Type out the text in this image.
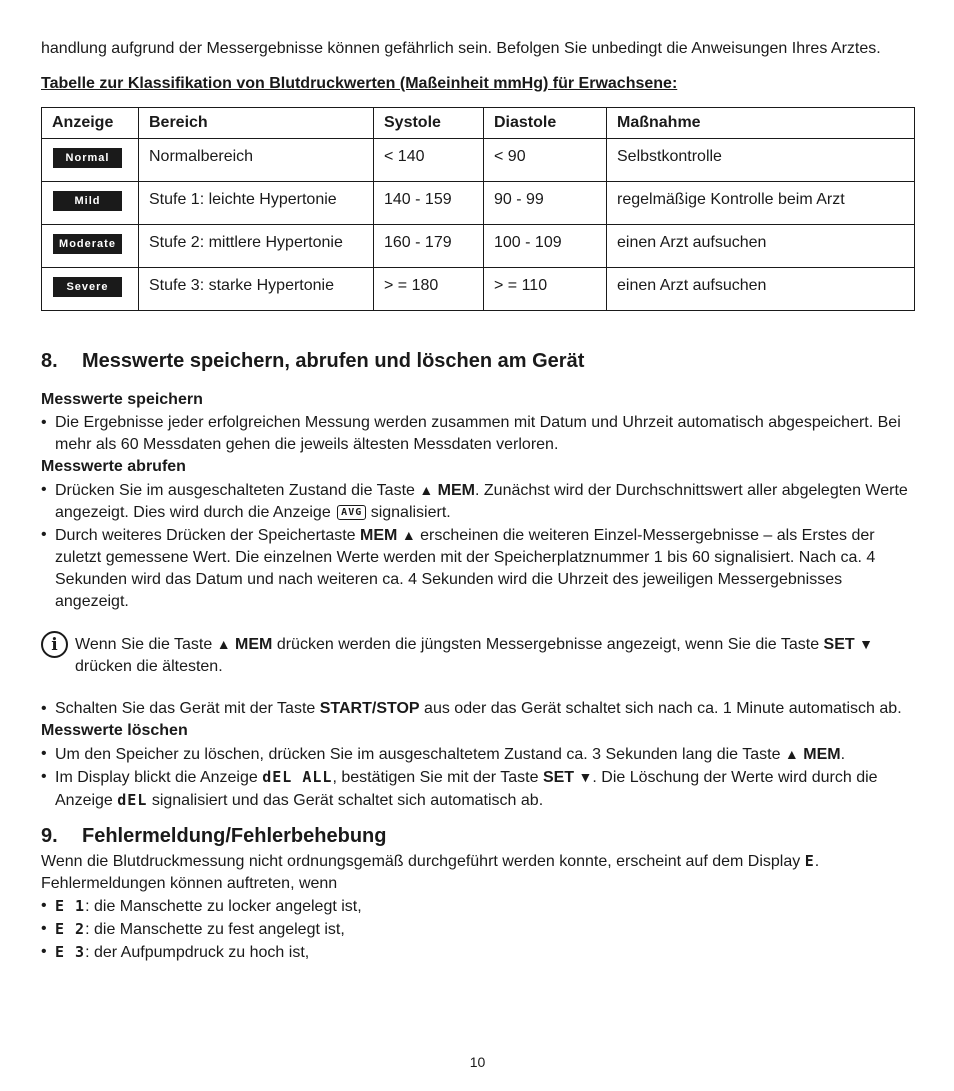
handlung aufgrund der Messergebnisse können gefährlich sein. Befolgen Sie unbedingt die Anweisungen Ihres Arztes.

Tabelle zur Klassifikation von Blutdruckwerten (Maßeinheit mmHg) für Erwachsene:

Anzeige	Bereich	Systole	Diastole	Maßnahme
Normal	Normalbereich	< 140	< 90	Selbstkontrolle
Mild	Stufe 1: leichte Hypertonie	140 - 159	90 - 99	regelmäßige Kontrolle beim Arzt
Moderate	Stufe 2: mittlere Hypertonie	160 - 179	100 - 109	einen Arzt aufsuchen
Severe	Stufe 3: starke Hypertonie	> = 180	> = 110	einen Arzt aufsuchen
8.	Messwerte speichern, abrufen und löschen am Gerät
Messwerte speichern
• Die Ergebnisse jeder erfolgreichen Messung werden zusammen mit Datum und Uhrzeit automatisch abgespeichert. Bei mehr als 60 Messdaten gehen die jeweils ältesten Messdaten verloren.
Messwerte abrufen
• Drücken Sie im ausgeschalteten Zustand die Taste ▲ MEM. Zunächst wird der Durchschnittswert aller abgelegten Werte angezeigt. Dies wird durch die Anzeige AVG signalisiert.
• Durch weiteres Drücken der Speichertaste MEM ▲ erscheinen die weiteren Einzel-Messergebnisse – als Erstes der zuletzt gemessene Wert. Die einzelnen Werte werden mit der Speicherplatznummer 1 bis 60 signalisiert. Nach ca. 4 Sekunden wird das Datum und nach weiteren ca. 4 Sekunden wird die Uhrzeit des jeweiligen Messergebnisses angezeigt.
i	Wenn Sie die Taste ▲ MEM drücken werden die jüngsten Messergebnisse angezeigt, wenn Sie die Taste SET ▼ drücken die ältesten.

• Schalten Sie das Gerät mit der Taste START/STOP aus oder das Gerät schaltet sich nach ca. 1 Minute automatisch ab.
Messwerte löschen
• Um den Speicher zu löschen, drücken Sie im ausgeschaltetem Zustand ca. 3 Sekunden lang die Taste ▲ MEM.
• Im Display blickt die Anzeige dEL ALL, bestätigen Sie mit der Taste SET ▼. Die Löschung der Werte wird durch die Anzeige dEL signalisiert und das Gerät schaltet sich automatisch ab.
9.	Fehlermeldung/Fehlerbehebung

Wenn die Blutdruckmessung nicht ordnungsgemäß durchgeführt werden konnte, erscheint auf dem Display E.

Fehlermeldungen können auftreten, wenn

• E 1: die Manschette zu locker angelegt ist,
• E 2: die Manschette zu fest angelegt ist,
• E 3: der Aufpumpdruck zu hoch ist,
10
